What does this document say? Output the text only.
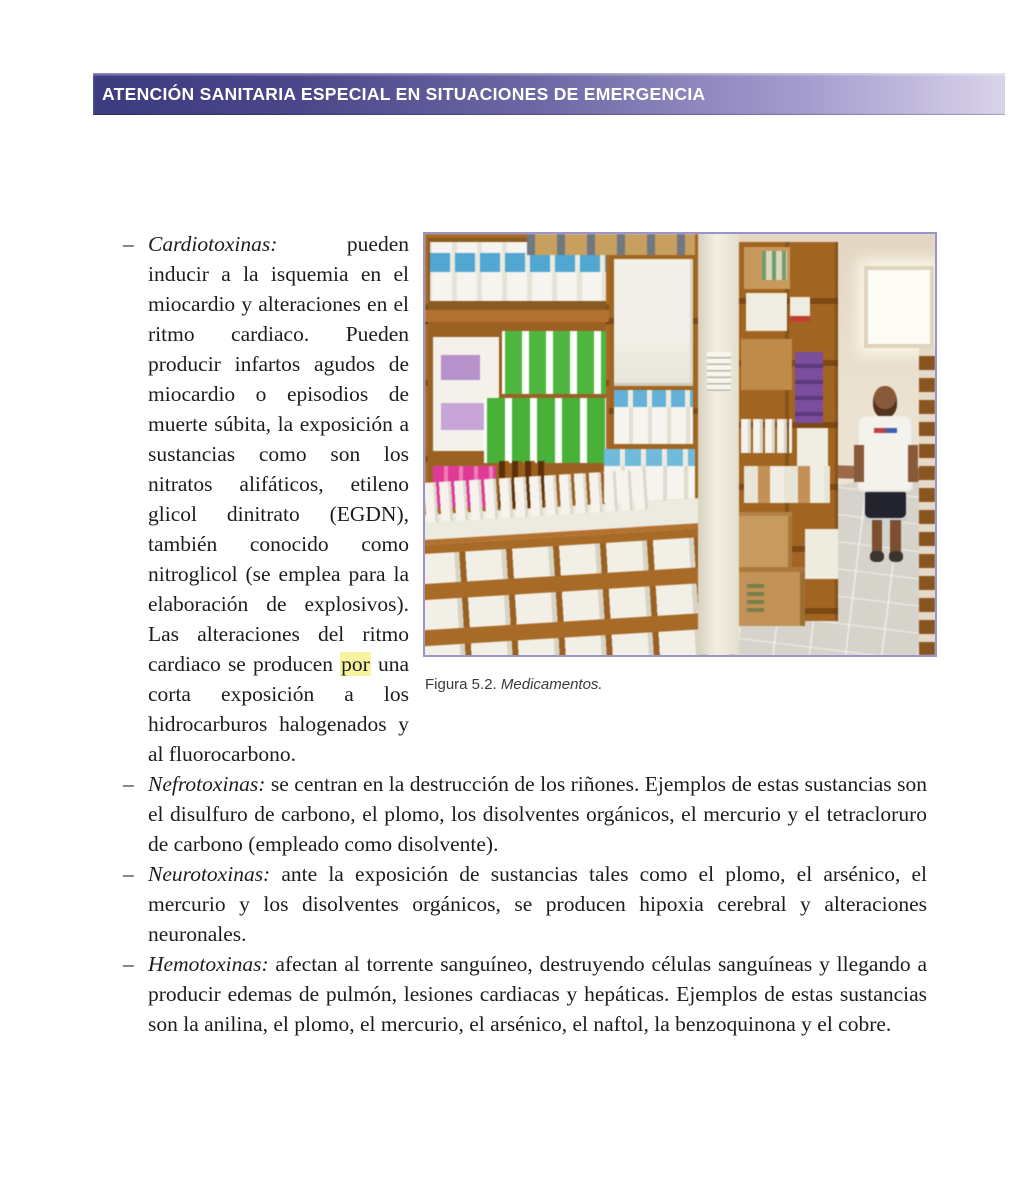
ATENCIÓN SANITARIA ESPECIAL EN SITUACIONES DE EMERGENCIA
–
Figura 5.2. Medicamentos.
Cardiotoxinas: pueden inducir a la isquemia en el miocardio y alteraciones en el ritmo cardiaco. Pueden producir infartos agudos de miocardio o episodios de muerte súbita, la exposición a sustancias como son los nitratos alifáticos, etileno glicol dinitrato (EGDN), también conocido como nitroglicol (se emplea para la elaboración de explosivos). Las alteraciones del ritmo cardiaco se producen por una corta exposición a los hidrocarburos halogenados y al fluorocarbono.
– Nefrotoxinas: se centran en la destrucción de los riñones. Ejemplos de estas sustancias son el disulfuro de carbono, el plomo, los disolventes orgánicos, el mercurio y el tetracloruro de carbono (empleado como disolvente).
– Neurotoxinas: ante la exposición de sustancias tales como el plomo, el arsénico, el mercurio y los disolventes orgánicos, se producen hipoxia cerebral y alteraciones neuronales.
– Hemotoxinas: afectan al torrente sanguíneo, destruyendo células sanguíneas y llegando a producir edemas de pulmón, lesiones cardiacas y hepáticas. Ejemplos de estas sustancias son la anilina, el plomo, el mercurio, el arsénico, el naftol, la benzoquinona y el cobre.
